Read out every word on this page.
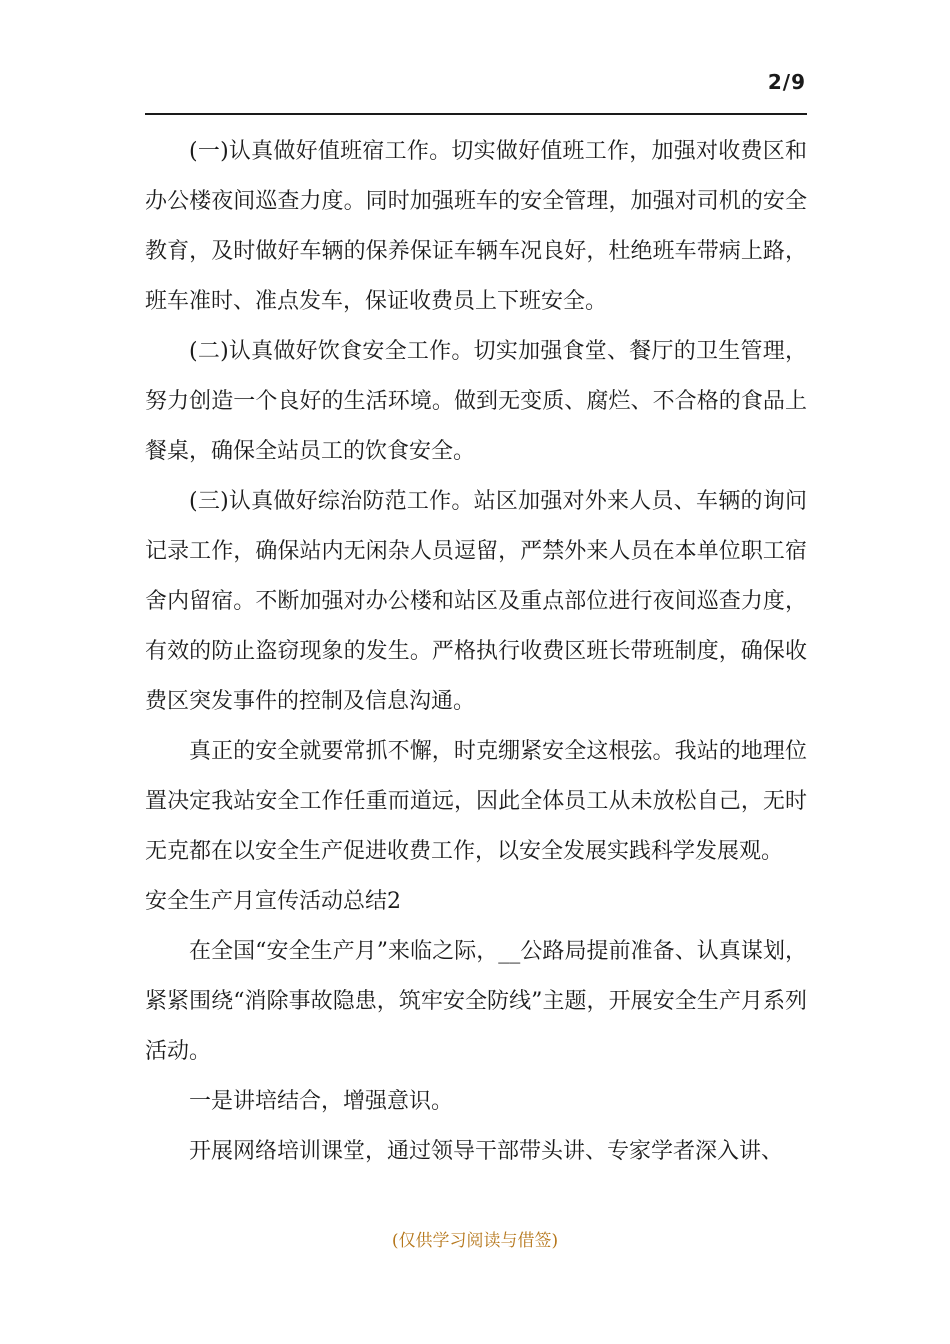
2/9

(一)认真做好值班宿工作。切实做好值班工作，加强对收费区和办公楼夜间巡查力度。同时加强班车的安全管理，加强对司机的安全教育，及时做好车辆的保养保证车辆车况良好，杜绝班车带病上路，班车准时、准点发车，保证收费员上下班安全。

(二)认真做好饮食安全工作。切实加强食堂、餐厅的卫生管理，努力创造一个良好的生活环境。做到无变质、腐烂、不合格的食品上餐桌，确保全站员工的饮食安全。

(三)认真做好综治防范工作。站区加强对外来人员、车辆的询问记录工作，确保站内无闲杂人员逗留，严禁外来人员在本单位职工宿舍内留宿。不断加强对办公楼和站区及重点部位进行夜间巡查力度，有效的防止盗窃现象的发生。严格执行收费区班长带班制度，确保收费区突发事件的控制及信息沟通。

真正的安全就要常抓不懈，时克绷紧安全这根弦。我站的地理位置决定我站安全工作任重而道远，因此全体员工从未放松自己，无时无克都在以安全生产促进收费工作，以安全发展实践科学发展观。

安全生产月宣传活动总结2

在全国“安全生产月”来临之际，__公路局提前准备、认真谋划，紧紧围绕“消除事故隐患，筑牢安全防线”主题，开展安全生产月系列活动。

一是讲培结合，增强意识。

开展网络培训课堂，通过领导干部带头讲、专家学者深入讲、

(仅供学习阅读与借签)
